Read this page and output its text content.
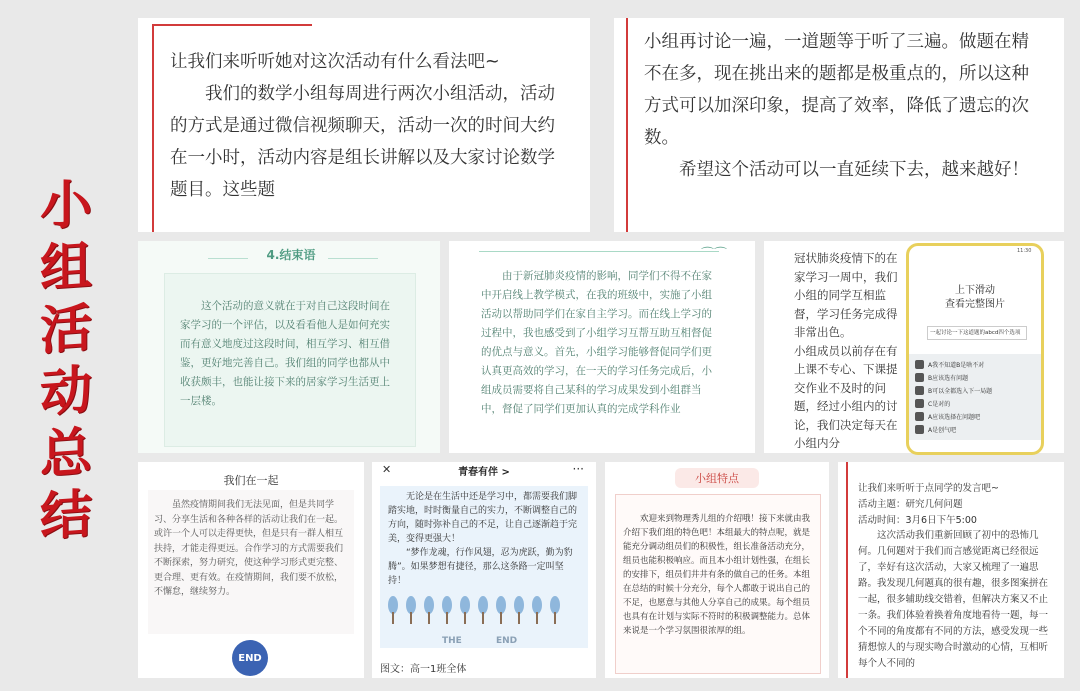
小
组
活
动
总
结

让我们来听听她对这次活动有什么看法吧~
　　我们的数学小组每周进行两次小组活动，活动的方式是通过微信视频聊天，活动一次的时间大约在一小时，活动内容是组长讲解以及大家讨论数学题目。这些题

小组再讨论一遍，一道题等于听了三遍。做题在精不在多，现在挑出来的题都是极重点的，所以这种方式可以加深印象，提高了效率，降低了遗忘的次数。
　　希望这个活动可以一直延续下去，越来越好！

4.结束语

　　这个活动的意义就在于对自己这段时间在家学习的一个评估，以及看看他人是如何充实而有意义地度过这段时间，相互学习、相互借鉴，更好地完善自己。我们组的同学也都从中收获颇丰，也能让接下来的居家学习生活更上一层楼。

⌒⌒

　　由于新冠肺炎疫情的影响，同学们不得不在家中开启线上教学模式，在我的班级中，实施了小组活动以帮助同学们在家自主学习。而在线上学习的过程中，我也感受到了小组学习互帮互助互相督促的优点与意义。首先，小组学习能够督促同学们更认真更高效的学习，在一天的学习任务完成后，小组成员需要将自己某科的学习成果发到小组群当中，督促了同学们更加认真的完成学科作业

冠状肺炎疫情下的在家学习一周中，我们小组的同学互相监督，学习任务完成得非常出色。
小组成员以前存在有上课不专心、下课提交作业不及时的问题，经过小组内的讨论，我们决定每天在小组内分

11:30
上下滑动
查看完整图片
一起讨论一下这道题的abcd四个选项
A我不知道B是啥不对
B应该选有问题
B可以全都选入下一局题
C是对的
A应该选择在问题吧
A是创气吧
我们在一起

　　虽然疫情期间我们无法见面，但是共同学习、分享生活和各种各样的活动让我们在一起。或许一个人可以走得更快，但是只有一群人相互扶持，才能走得更远。合作学习的方式需要我们不断探索，努力研究，使这种学习形式更完整、更合理、更有效。在疫情期间，我们要不放松，不懈怠，继续努力。

END
✕	青春有伴 >	···

　　无论是在生活中还是学习中，都需要我们脚踏实地，时时衡量自己的实力，不断调整自己的方向，随时弥补自己的不足，让自己逐渐趋于完美，变得更强大！
　　“梦作龙魂，行作风翅，忍为虎跃，勤为豹腾”。如果梦想有捷径，那么这条路一定叫坚持！

THE	END
图文：高一1班全体
小组特点

　　欢迎来到物理秀儿组的介绍哦！接下来就由我介绍下我们组的特色吧！本组最大的特点呢，就是能充分调动组员们的积极性，组长准备活动充分，组员也能积极响应。而且本小组计划性强，在组长的安排下，组员们井井有条的做自己的任务。本组在总结的时候十分充分，每个人都敢于说出自己的不足，也愿意与其他人分享自己的成果。每个组员也具有在计划与实际不符时的积极调整能力。总体来说是一个学习氛围很浓厚的组。

让我们来听听于点同学的发言吧~
活动主题：研究几何问题
活动时间：3月6日下午5:00

　　这次活动我们重新回顾了初中的恐怖几何。几何题对于我们而言感觉距离已经很远了，幸好有这次活动，大家又梳理了一遍思路。我发现几何题真的很有趣，很多图案拼在一起，很多辅助线交错着，但解决方案又不止一条。我们体验着换着角度地看待一题，每一个不同的角度都有不同的方法，感受发现一些猜想惊人的与现实吻合时激动的心情，互相听每个人不同的
